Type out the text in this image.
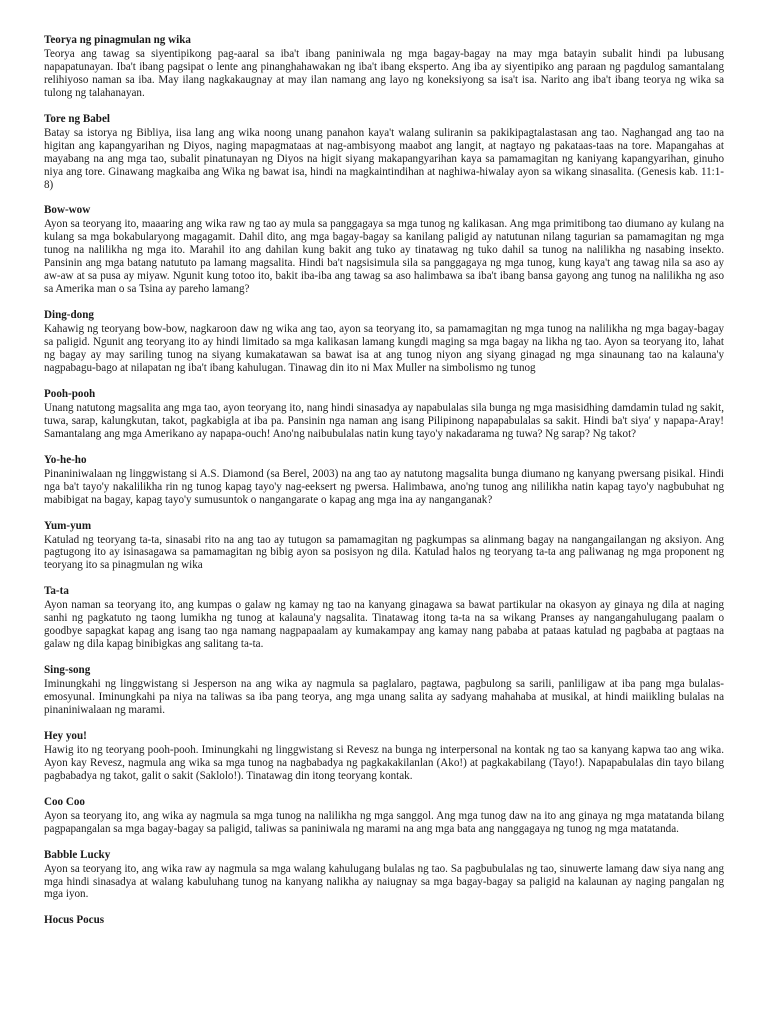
Teorya ng pinagmulan ng wika

Teorya ang tawag sa siyentipikong pag-aaral sa iba't ibang paniniwala ng mga bagay-bagay na may mga batayin subalit hindi pa lubusang napapatunayan. Iba't ibang pagsipat o lente ang pinanghahawakan ng iba't ibang eksperto. Ang iba ay siyentipiko ang paraan ng pagdulog samantalang relihiyoso naman sa iba. May ilang nagkakaugnay at may ilan namang ang layo ng koneksiyong sa isa't isa. Narito ang iba't ibang teorya ng wika sa tulong ng talahanayan.

Tore ng Babel

Batay sa istorya ng Bibliya, iisa lang ang wika noong unang panahon kaya't walang suliranin sa pakikipagtalastasan ang tao. Naghangad ang tao na higitan ang kapangyarihan ng Diyos, naging mapagmataas at nag-ambisyong maabot ang langit, at nagtayo ng pakataas-taas na tore. Mapangahas at mayabang na ang mga tao, subalit pinatunayan ng Diyos na higit siyang makapangyarihan kaya sa pamamagitan ng kaniyang kapangyarihan, ginuho niya ang tore. Ginawang magkaiba ang Wika ng bawat isa, hindi na magkaintindihan at naghiwa-hiwalay ayon sa wikang sinasalita. (Genesis kab. 11:1-8)

Bow-wow

Ayon sa teoryang ito, maaaring ang wika raw ng tao ay mula sa panggagaya sa mga tunog ng kalikasan. Ang mga primitibong tao diumano ay kulang na kulang sa mga bokabularyong magagamit. Dahil dito, ang mga bagay-bagay sa kanilang paligid ay natutunan nilang tagurian sa pamamagitan ng mga tunog na nalilikha ng mga ito. Marahil ito ang dahilan kung bakit ang tuko ay tinatawag ng tuko dahil sa tunog na nalilikha ng nasabing insekto. Pansinin ang mga batang natututo pa lamang magsalita. Hindi ba't nagsisimula sila sa panggagaya ng mga tunog, kung kaya't ang tawag nila sa aso ay aw-aw at sa pusa ay miyaw. Ngunit kung totoo ito, bakit iba-iba ang tawag sa aso halimbawa sa iba't ibang bansa gayong ang tunog na nalilikha ng aso sa Amerika man o sa Tsina ay pareho lamang?

Ding-dong

Kahawig ng teoryang bow-bow, nagkaroon daw ng wika ang tao, ayon sa teoryang ito, sa pamamagitan ng mga tunog na nalilikha ng mga bagay-bagay sa paligid. Ngunit ang teoryang ito ay hindi limitado sa mga kalikasan lamang kungdi maging sa mga bagay na likha ng tao. Ayon sa teoryang ito, lahat ng bagay ay may sariling tunog na siyang kumakatawan sa bawat isa at ang tunog niyon ang siyang ginagad ng mga sinaunang tao na kalauna'y nagpabagu-bago at nilapatan ng iba't ibang kahulugan. Tinawag din ito ni Max Muller na simbolismo ng tunog

Pooh-pooh

Unang natutong magsalita ang mga tao, ayon teoryang ito, nang hindi sinasadya ay napabulalas sila bunga ng mga masisidhing damdamin tulad ng sakit, tuwa, sarap, kalungkutan, takot, pagkabigla at iba pa. Pansinin nga naman ang isang Pilipinong napapabulalas sa sakit. Hindi ba't siya' y napapa-Aray! Samantalang ang mga Amerikano ay napapa-ouch! Ano'ng naibubulalas natin kung tayo'y nakadarama ng tuwa? Ng sarap? Ng takot?

Yo-he-ho

Pinaniniwalaan ng linggwistang si A.S. Diamond (sa Berel, 2003) na ang tao ay natutong magsalita bunga diumano ng kanyang pwersang pisikal. Hindi nga ba't tayo'y nakalilikha rin ng tunog kapag tayo'y nag-eeksert ng pwersa. Halimbawa, ano'ng tunog ang nililikha natin kapag tayo'y nagbubuhat ng mabibigat na bagay, kapag tayo'y sumusuntok o nangangarate o kapag ang mga ina ay nanganganak?

Yum-yum

Katulad ng teoryang ta-ta, sinasabi rito na ang tao ay tutugon sa pamamagitan ng pagkumpas sa alinmang bagay na nangangailangan ng aksiyon. Ang pagtugong ito ay isinasagawa sa pamamagitan ng bibig ayon sa posisyon ng dila. Katulad halos ng teoryang ta-ta ang paliwanag ng mga proponent ng teoryang ito sa pinagmulan ng wika

Ta-ta

Ayon naman sa teoryang ito, ang kumpas o galaw ng kamay ng tao na kanyang ginagawa sa bawat partikular na okasyon ay ginaya ng dila at naging sanhi ng pagkatuto ng taong lumikha ng tunog at kalauna'y nagsalita. Tinatawag itong ta-ta na sa wikang Pranses ay nangangahulugang paalam o goodbye sapagkat kapag ang isang tao nga namang nagpapaalam ay kumakampay ang kamay nang pababa at pataas katulad ng pagbaba at pagtaas na galaw ng dila kapag binibigkas ang salitang ta-ta.

Sing-song

Iminungkahi ng linggwistang si Jesperson na ang wika ay nagmula sa paglalaro, pagtawa, pagbulong sa sarili, panliligaw at iba pang mga bulalas-emosyunal. Iminungkahi pa niya na taliwas sa iba pang teorya, ang mga unang salita ay sadyang mahahaba at musikal, at hindi maiikling bulalas na pinaniniwalaan ng marami.

Hey you!

Hawig ito ng teoryang pooh-pooh. Iminungkahi ng linggwistang si Revesz na bunga ng interpersonal na kontak ng tao sa kanyang kapwa tao ang wika. Ayon kay Revesz, nagmula ang wika sa mga tunog na nagbabadya ng pagkakakilanlan (Ako!) at pagkakabilang (Tayo!). Napapabulalas din tayo bilang pagbabadya ng takot, galit o sakit (Saklolo!). Tinatawag din itong teoryang kontak.

Coo Coo

Ayon sa teoryang ito, ang wika ay nagmula sa mga tunog na nalilikha ng mga sanggol. Ang mga tunog daw na ito ang ginaya ng mga matatanda bilang pagpapangalan sa mga bagay-bagay sa paligid, taliwas sa paniniwala ng marami na ang mga bata ang nanggagaya ng tunog ng mga matatanda.

Babble Lucky

Ayon sa teoryang ito, ang wika raw ay nagmula sa mga walang kahulugang bulalas ng tao. Sa pagbubulalas ng tao, sinuwerte lamang daw siya nang ang mga hindi sinasadya at walang kabuluhang tunog na kanyang nalikha ay naiugnay sa mga bagay-bagay sa paligid na kalaunan ay naging pangalan ng mga iyon.

Hocus Pocus
